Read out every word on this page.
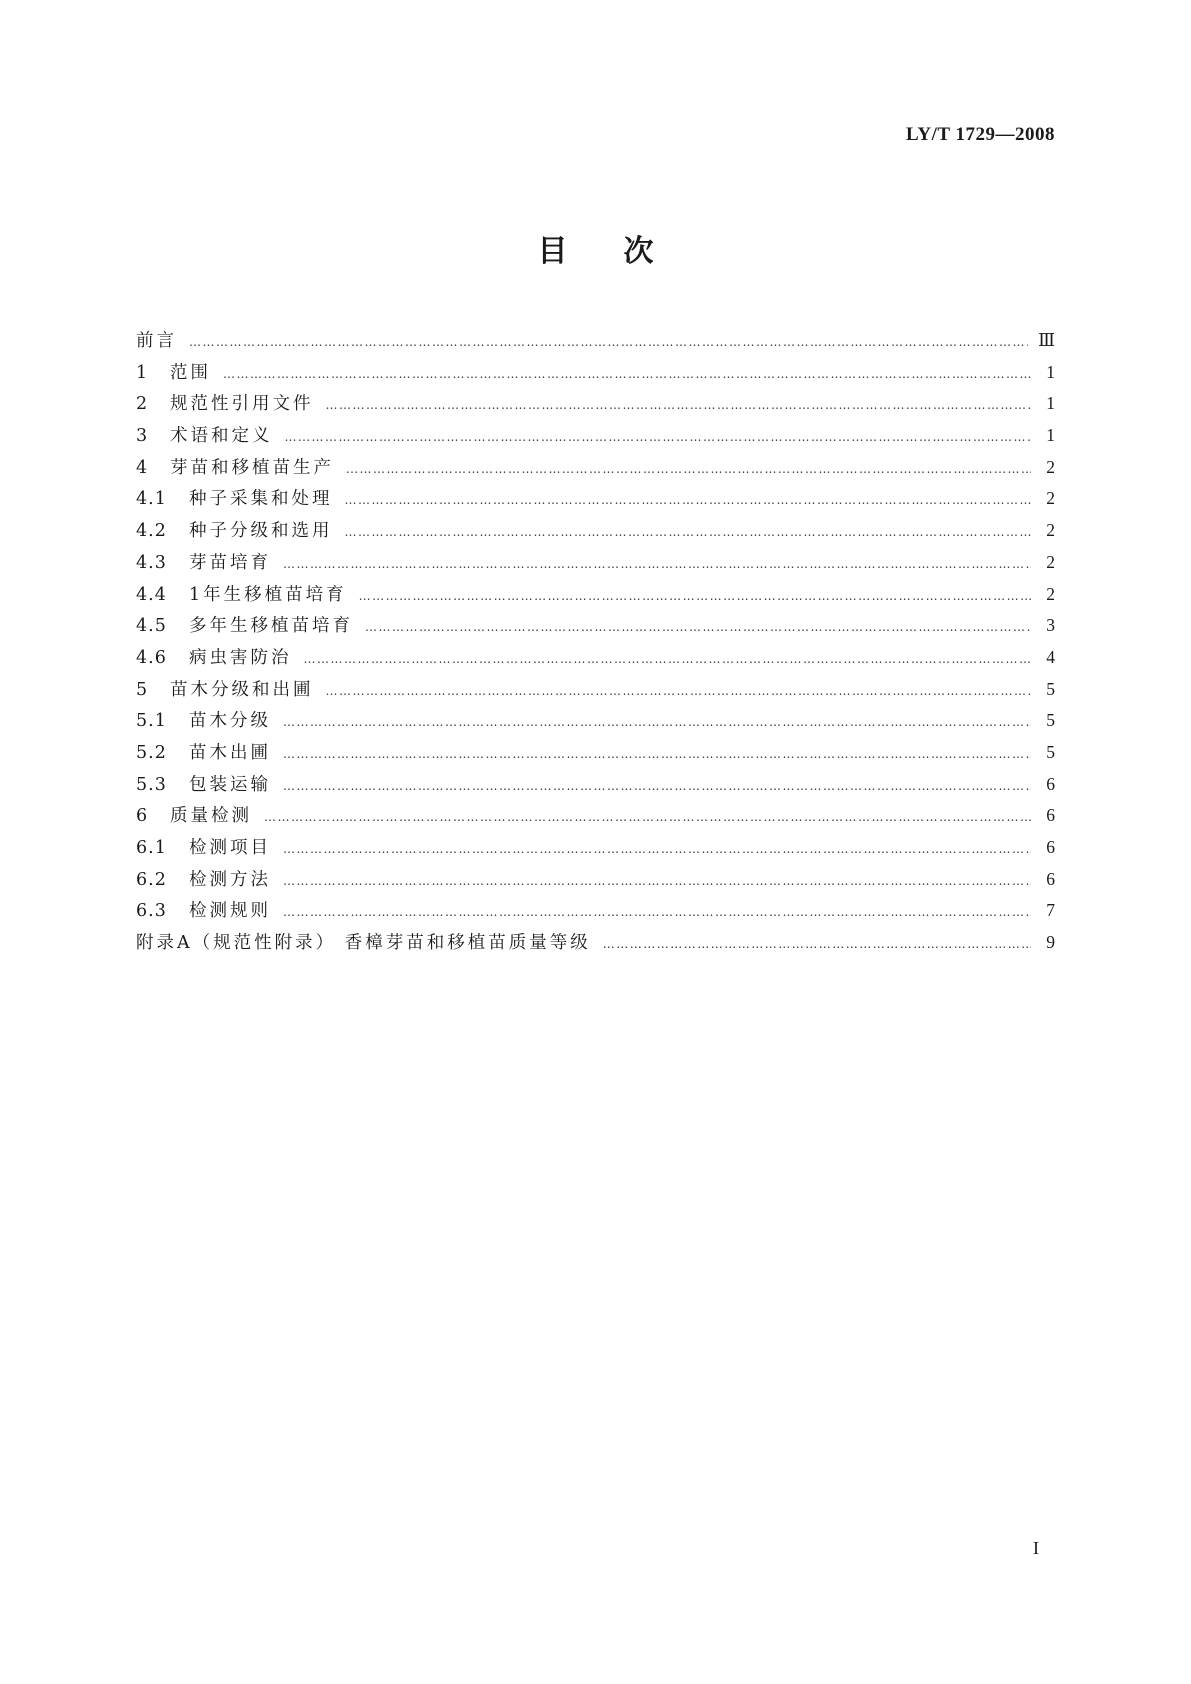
LY/T 1729—2008
目次
前言 …………………………………………………………………………………………………………………………………………………………………………………………	Ⅲ
1	范围 …………………………………………………………………………………………………………………………………………………………………………………………	1
2	规范性引用文件 …………………………………………………………………………………………………………………………………………………………………………………………	1
3	术语和定义 …………………………………………………………………………………………………………………………………………………………………………………………	1
4	芽苗和移植苗生产 …………………………………………………………………………………………………………………………………………………………………………………………	2
4.1	种子采集和处理 …………………………………………………………………………………………………………………………………………………………………………………………	2
4.2	种子分级和选用 …………………………………………………………………………………………………………………………………………………………………………………………	2
4.3	芽苗培育 …………………………………………………………………………………………………………………………………………………………………………………………	2
4.4	1年生移植苗培育 …………………………………………………………………………………………………………………………………………………………………………………………	2
4.5	多年生移植苗培育 …………………………………………………………………………………………………………………………………………………………………………………………	3
4.6	病虫害防治 …………………………………………………………………………………………………………………………………………………………………………………………	4
5	苗木分级和出圃 …………………………………………………………………………………………………………………………………………………………………………………………	5
5.1	苗木分级 …………………………………………………………………………………………………………………………………………………………………………………………	5
5.2	苗木出圃 …………………………………………………………………………………………………………………………………………………………………………………………	5
5.3	包装运输 …………………………………………………………………………………………………………………………………………………………………………………………	6
6	质量检测 …………………………………………………………………………………………………………………………………………………………………………………………	6
6.1	检测项目 …………………………………………………………………………………………………………………………………………………………………………………………	6
6.2	检测方法 …………………………………………………………………………………………………………………………………………………………………………………………	6
6.3	检测规则 …………………………………………………………………………………………………………………………………………………………………………………………	7
附录A（规范性附录） 香樟芽苗和移植苗质量等级 …………………………………………………………………………………………………………………………………………………………………………………………	9
I
